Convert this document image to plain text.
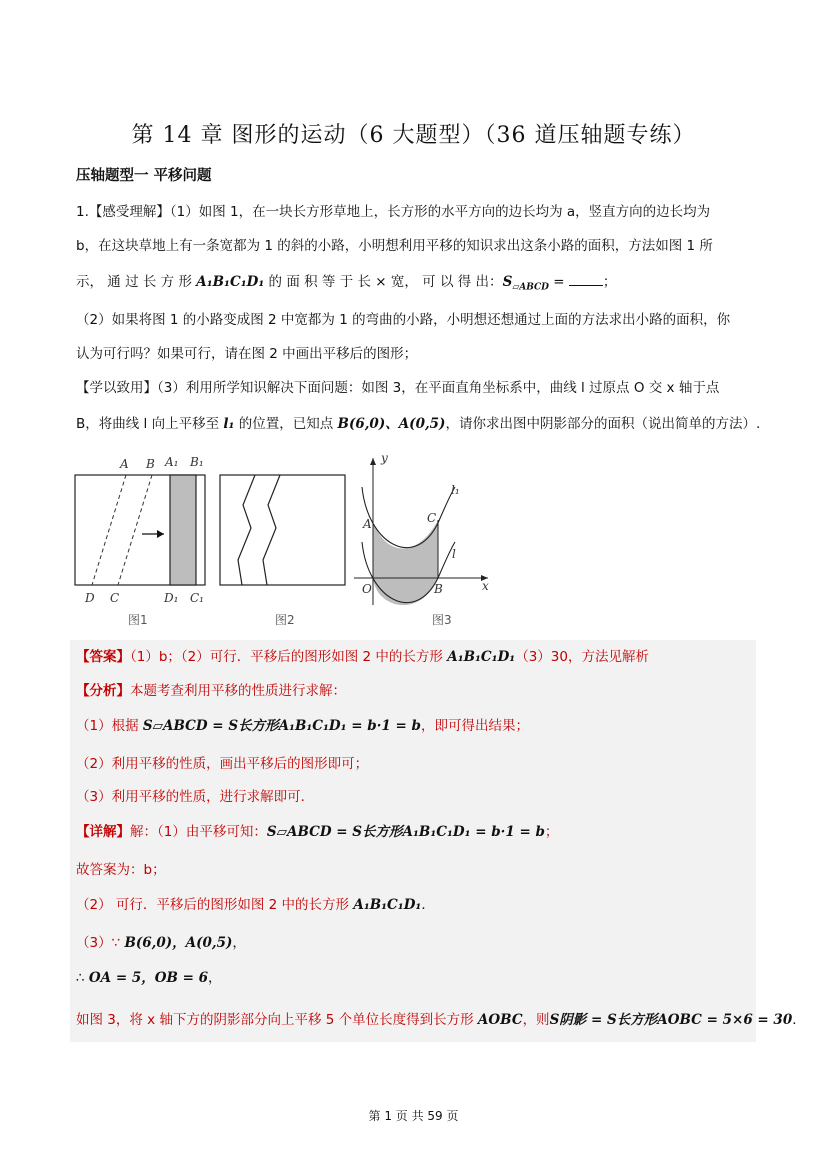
第 14 章 图形的运动（6 大题型）（36 道压轴题专练）
压轴题型一 平移问题
1.【感受理解】（1）如图 1，在一块长方形草地上，长方形的水平方向的边长均为 a，竖直方向的边长均为
b，在这块草地上有一条宽都为 1 的斜的小路，小明想利用平移的知识求出这条小路的面积，方法如图 1 所
示， 通 过 长 方 形 A₁B₁C₁D₁ 的 面 积 等 于 长 × 宽， 可 以 得 出：$S_{▱ABCD}$ =	；
（2）如果将图 1 的小路变成图 2 中宽都为 1 的弯曲的小路，小明想还想通过上面的方法求出小路的面积，你
认为可行吗？如果可行，请在图 2 中画出平移后的图形；
【学以致用】（3）利用所学知识解决下面问题：如图 3，在平面直角坐标系中，曲线 l 过原点 O 交 x 轴于点
B，将曲线 l 向上平移至 l₁ 的位置，已知点 B(6,0)、A(0,5)，请你求出图中阴影部分的面积（说出简单的方法）.
A B A₁ B₁
D C	D₁ C₁
图1	图2
y
l₁
A	C
l
O	B	x
图3
【答案】（1）b；（2）可行．平移后的图形如图 2 中的长方形 A₁B₁C₁D₁（3）30，方法见解析
【分析】本题考查利用平移的性质进行求解：
（1）根据 S▱ABCD = S长方形A₁B₁C₁D₁ = b·1 = b，即可得出结果；
（2）利用平移的性质，画出平移后的图形即可；
（3）利用平移的性质，进行求解即可．
【详解】解：（1）由平移可知：S▱ABCD = S长方形A₁B₁C₁D₁ = b·1 = b；
故答案为：b；
（2） 可行．平移后的图形如图 2 中的长方形 A₁B₁C₁D₁．
（3）∵ B(6,0)，A(0,5)，
∴ OA = 5，OB = 6，
如图 3，将 x 轴下方的阴影部分向上平移 5 个单位长度得到长方形 AOBC，则S阴影 = S长方形AOBC = 5×6 = 30．
第 1 页 共 59 页
